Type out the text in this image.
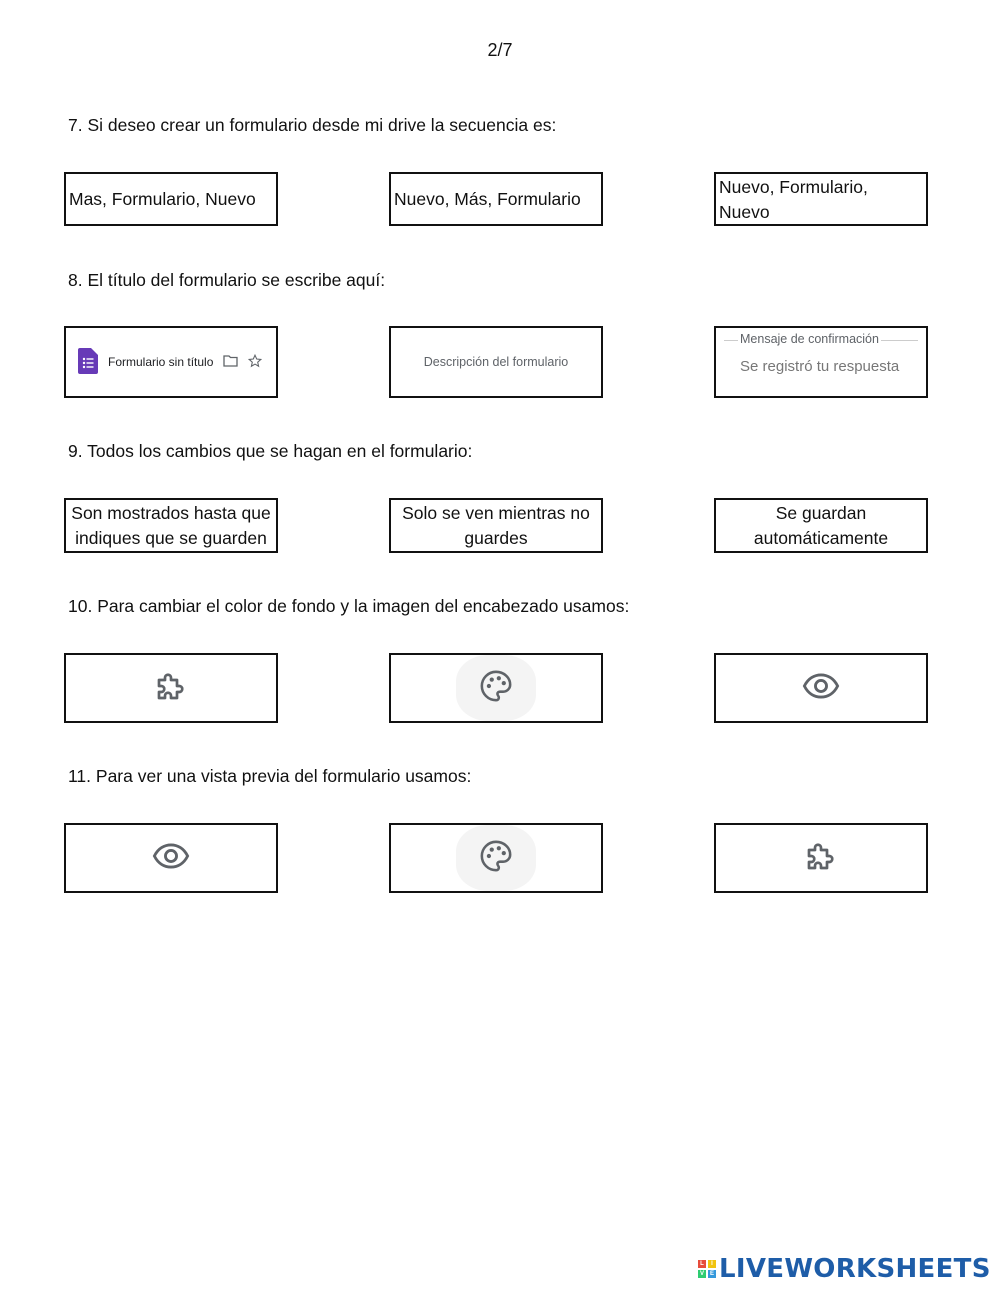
2/7
7. Si deseo crear un formulario desde mi drive la secuencia es:
Mas, Formulario, Nuevo	Nuevo, Más, Formulario
Nuevo, Formulario,
Nuevo
8. El título del formulario se escribe aquí:
Formulario sin título	Descripción del formulario
Mensaje de confirmación
Se registró tu respuesta
9. Todos los cambios que se hagan en el formulario:
Son mostrados hasta que
indiques que se guarden
Solo se ven mientras no
guardes
Se guardan
automáticamente
10. Para cambiar el color de fondo y la imagen del encabezado usamos:
11. Para ver una vista previa del formulario usamos:
L	I
V E LIVEWORKSHEETS
